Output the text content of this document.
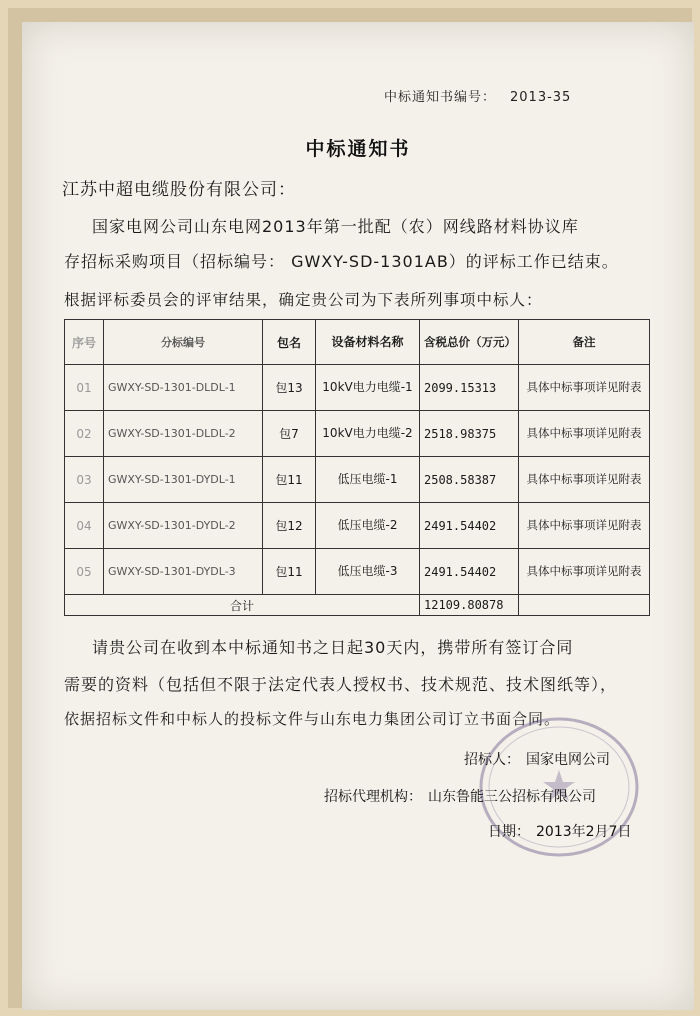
中标通知书编号： 2013-35
中标通知书
江苏中超电缆股份有限公司：
国家电网公司山东电网2013年第一批配（农）网线路材料协议库
存招标采购项目（招标编号： GWXY-SD-1301AB）的评标工作已结束。
根据评标委员会的评审结果，确定贵公司为下表所列事项中标人：
序号	分标编号	包名	设备材料名称	含税总价（万元）	备注
01	GWXY-SD-1301-DLDL-1	包13	10kV电力电缆-1	2099.15313	具体中标事项详见附表
02	GWXY-SD-1301-DLDL-2	包7	10kV电力电缆-2	2518.98375	具体中标事项详见附表
03	GWXY-SD-1301-DYDL-1	包11	低压电缆-1	2508.58387	具体中标事项详见附表
04	GWXY-SD-1301-DYDL-2	包12	低压电缆-2	2491.54402	具体中标事项详见附表
05	GWXY-SD-1301-DYDL-3	包11	低压电缆-3	2491.54402	具体中标事项详见附表
合计				12109.80878	
请贵公司在收到本中标通知书之日起30天内，携带所有签订合同
需要的资料（包括但不限于法定代表人授权书、技术规范、技术图纸等），
依据招标文件和中标人的投标文件与山东电力集团公司订立书面合同。
招标人： 国家电网公司
招标代理机构： 山东鲁能三公招标有限公司
日期： 2013年2月7日
